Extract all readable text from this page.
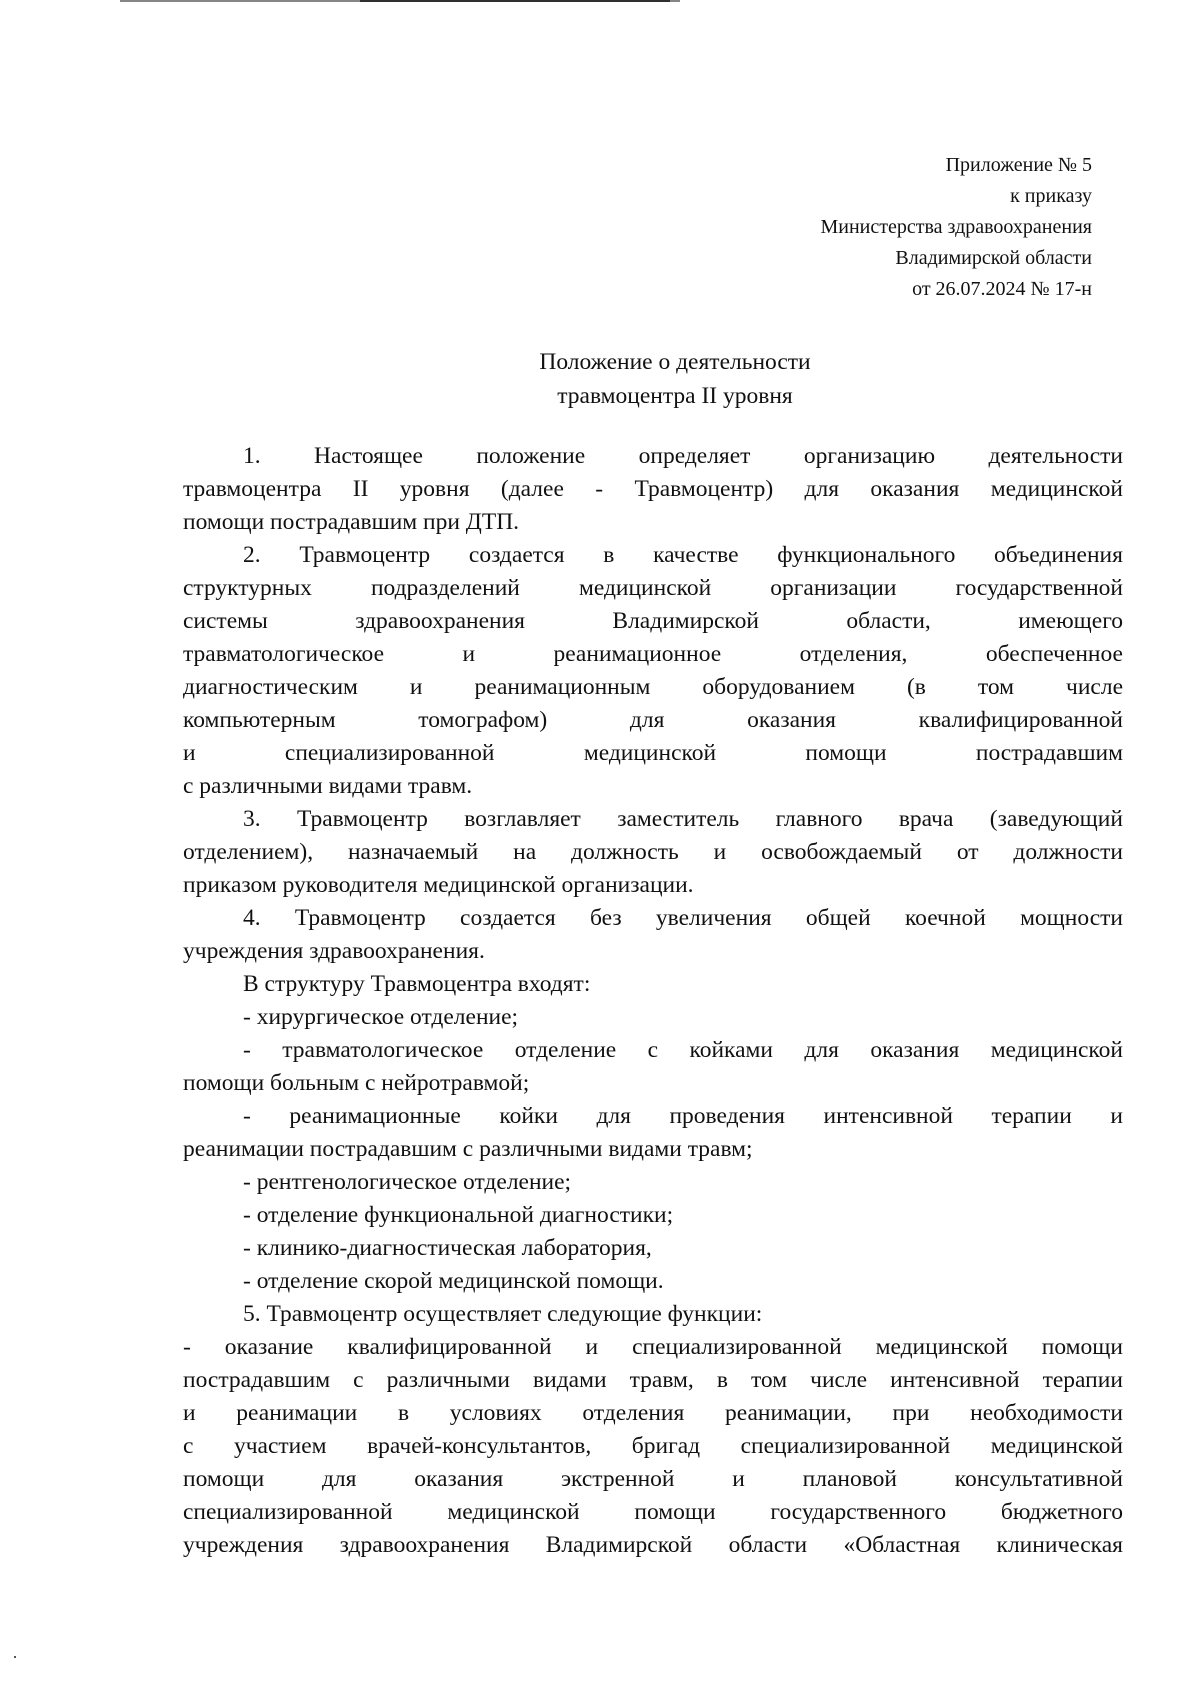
Приложение № 5
к приказу
Министерства здравоохранения
Владимирской области
от 26.07.2024 № 17-н
Положение о деятельности
травмоцентра II уровня
1. Настоящее положение определяет организацию деятельности
травмоцентра II уровня (далее - Травмоцентр) для оказания медицинской
помощи пострадавшим при ДТП.
2. Травмоцентр создается в качестве функционального объединения
структурных	подразделений	медицинской	организации	государственной
системы	здравоохранения	Владимирской	области,	имеющего
травматологическое	и	реанимационное	отделения,	обеспеченное
диагностическим и реанимационным оборудованием (в том числе
компьютерным	томографом)	для	оказания	квалифицированной
и	специализированной	медицинской	помощи	пострадавшим
с различными видами травм.
3. Травмоцентр возглавляет заместитель главного врача (заведующий
отделением), назначаемый на должность и освобождаемый от должности
приказом руководителя медицинской организации.
4. Травмоцентр создается без увеличения общей коечной мощности
учреждения здравоохранения.
В структуру Травмоцентра входят:
- хирургическое отделение;
- травматологическое отделение с койками для оказания медицинской
помощи больным с нейротравмой;
- реанимационные койки для проведения интенсивной терапии и
реанимации пострадавшим с различными видами травм;
- рентгенологическое отделение;
- отделение функциональной диагностики;
- клинико-диагностическая лаборатория,
- отделение скорой медицинской помощи.
5. Травмоцентр осуществляет следующие функции:
- оказание квалифицированной и специализированной медицинской помощи
пострадавшим с различными видами травм, в том числе интенсивной терапии
и реанимации в условиях отделения реанимации, при необходимости
с участием врачей-консультантов, бригад специализированной медицинской
помощи для оказания экстренной и плановой консультативной
специализированной медицинской помощи государственного бюджетного
учреждения здравоохранения Владимирской области «Областная клиническая
